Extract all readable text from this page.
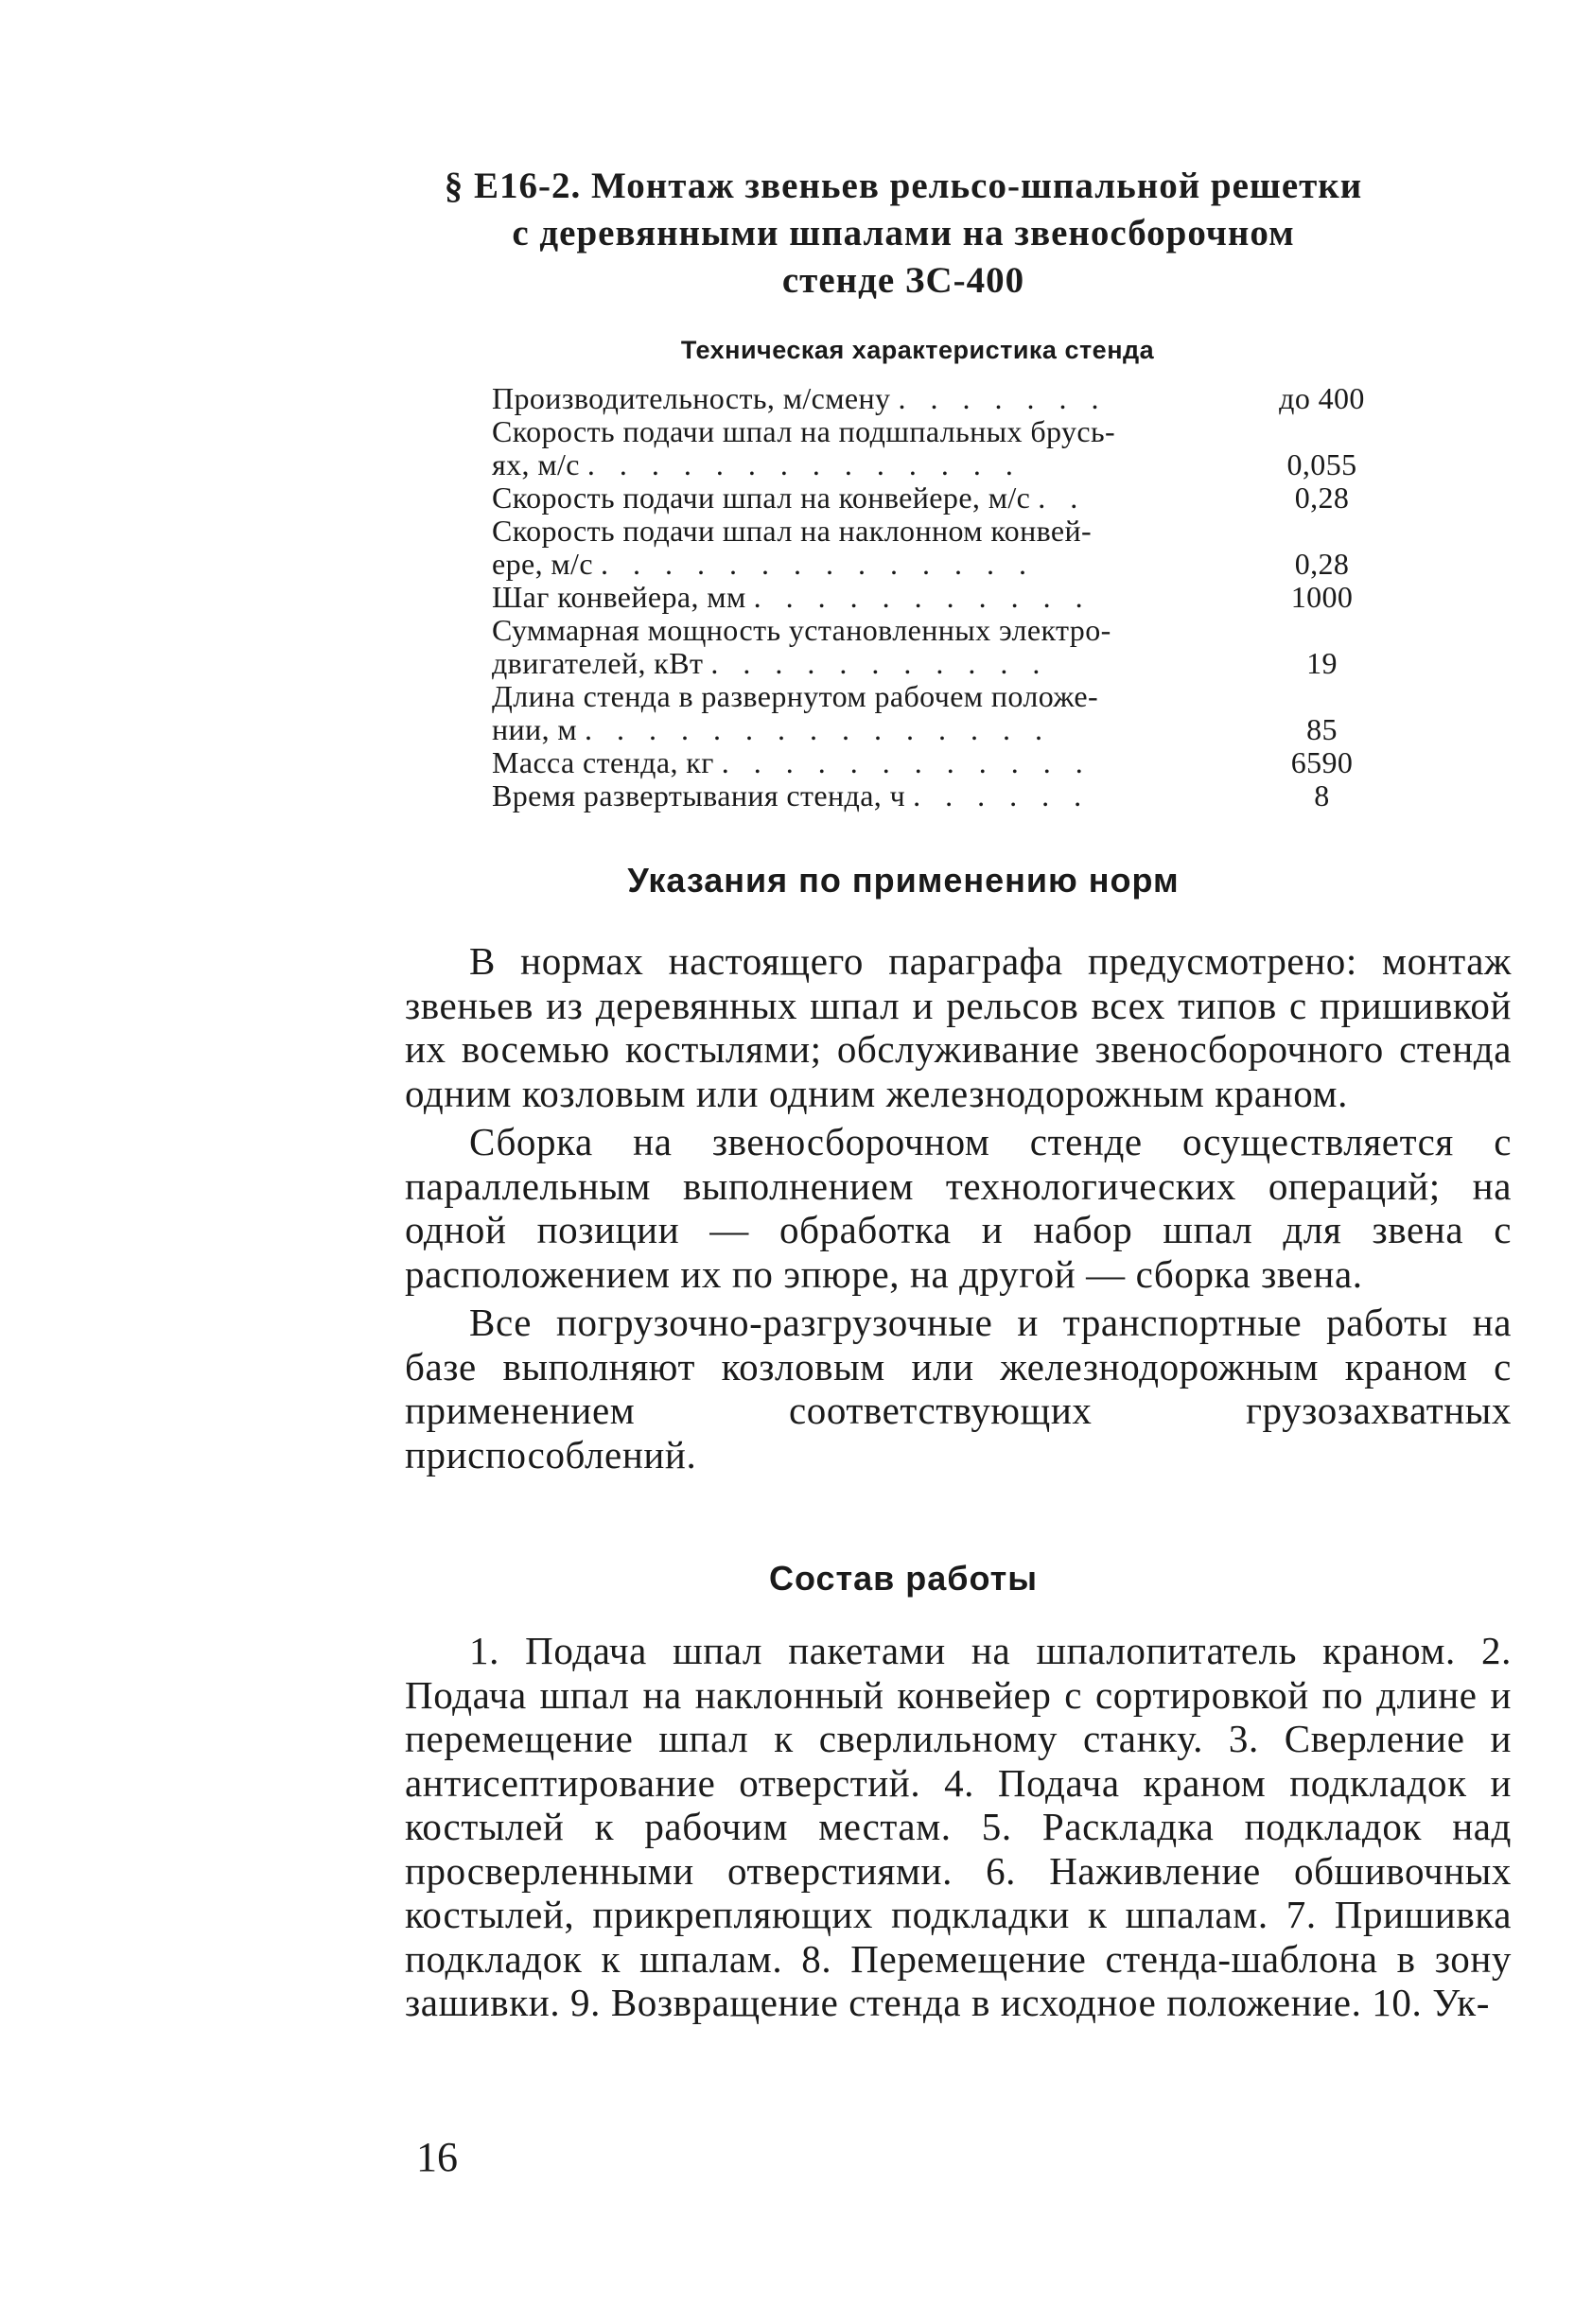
§ Е16-2. Монтаж звеньев рельсо-шпальной решетки
с деревянными шпалами на звеносборочном
стенде ЗС-400
Техническая характеристика стенда
Производительность, м/смену . . . . . . .	до 400
Скорость подачи шпал на подшпальных брусь-
ях, м/с . . . . . . . . . . . . . .	0,055
Скорость подачи шпал на конвейере, м/с . .	0,28
Скорость подачи шпал на наклонном конвей-
ере, м/с . . . . . . . . . . . . . .	0,28
Шаг конвейера, мм . . . . . . . . . . .	1000
Суммарная мощность установленных электро-
двигателей, кВт . . . . . . . . . . .	19
Длина стенда в развернутом рабочем положе-
нии, м . . . . . . . . . . . . . . .	85
Масса стенда, кг . . . . . . . . . . . .	6590
Время развертывания стенда, ч . . . . . .	8
Указания по применению норм

В нормах настоящего параграфа предусмотрено: монтаж звеньев из деревянных шпал и рельсов всех типов с пришивкой их восемью костылями; обслуживание звеносборочного стенда одним козловым или одним железнодорожным краном.

Сборка на звеносборочном стенде осуществляется с параллельным выполнением технологических операций; на одной позиции — обработка и набор шпал для звена с расположением их по эпюре, на другой — сборка звена.

Все погрузочно-разгрузочные и транспортные работы на базе выполняют козловым или железнодорожным краном с применением соответствующих грузозахватных приспособлений.

Состав работы

1. Подача шпал пакетами на шпалопитатель краном. 2. Подача шпал на наклонный конвейер с сортировкой по длине и перемещение шпал к сверлильному станку. 3. Сверление и антисептирование отверстий. 4. Подача краном подкладок и костылей к рабочим местам. 5. Раскладка подкладок над просверленными отверстиями. 6. Наживление обшивочных костылей, прикрепляющих подкладки к шпалам. 7. Пришивка подкладок к шпалам. 8. Перемещение стенда-шаблона в зону зашивки. 9. Возвращение стенда в исходное положение. 10. Ук-

16
